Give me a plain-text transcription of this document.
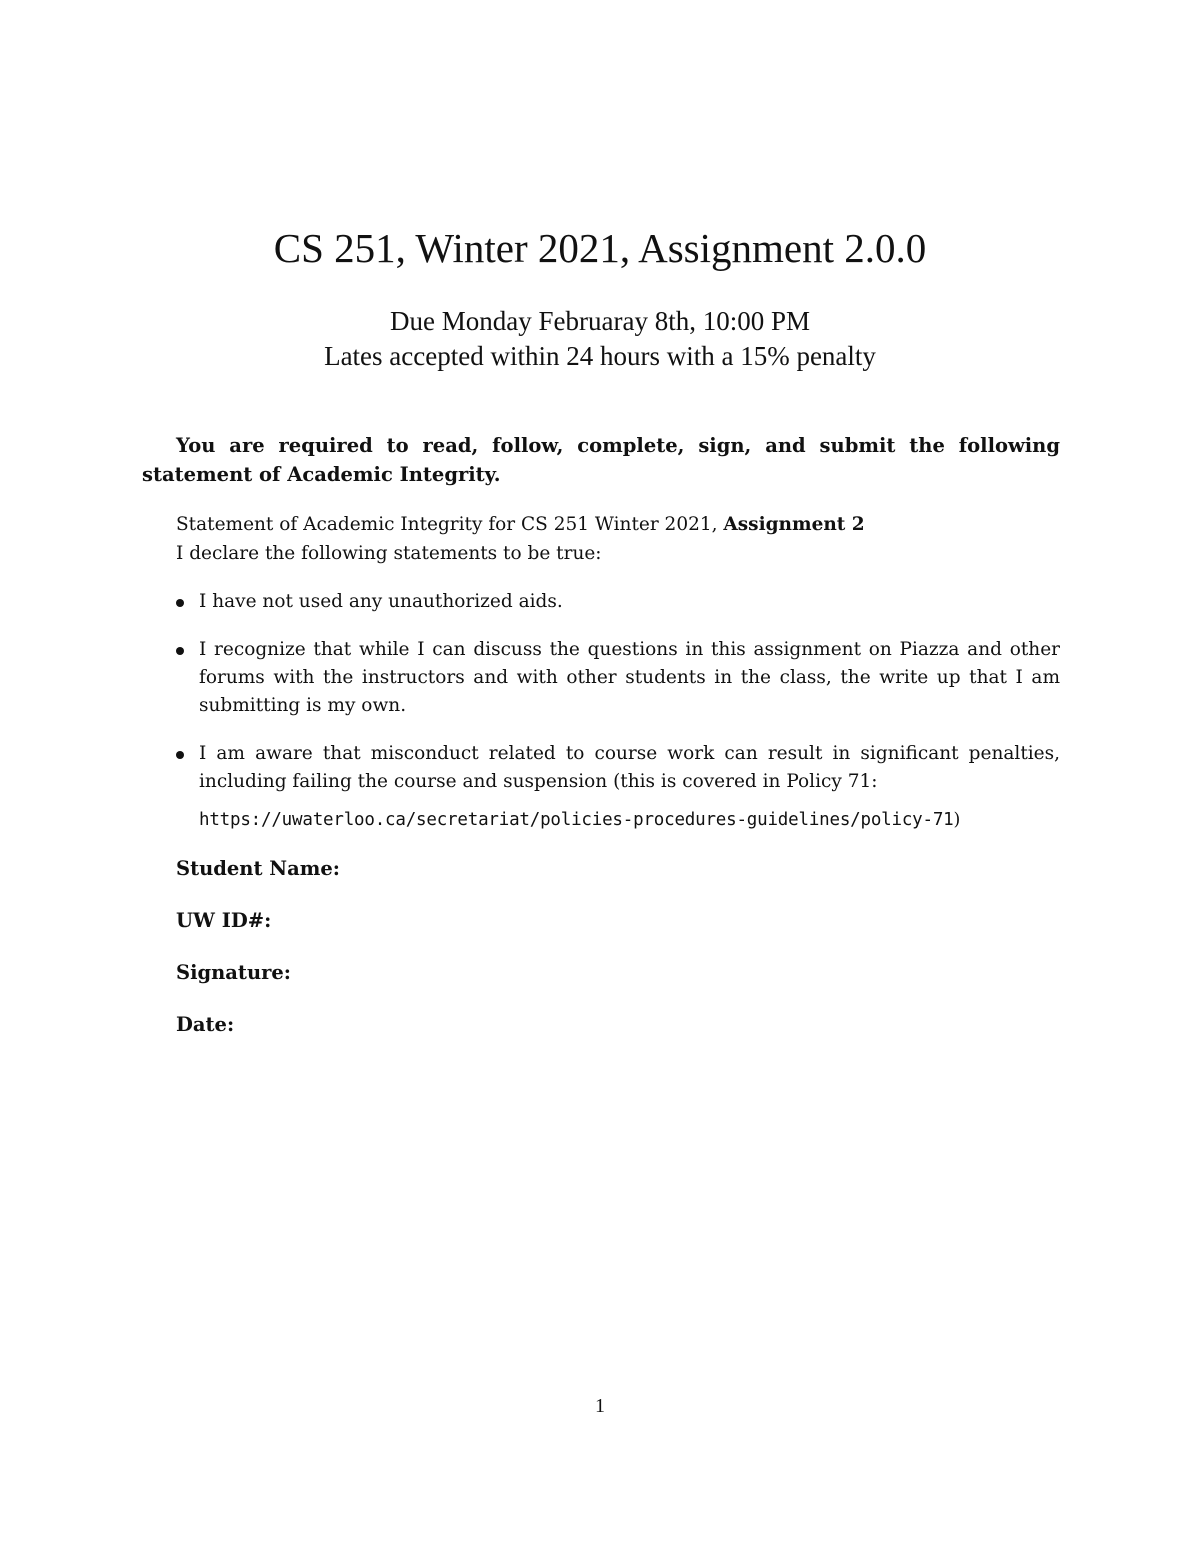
CS 251, Winter 2021, Assignment 2.0.0
Due Monday Februaray 8th, 10:00 PM
Lates accepted within 24 hours with a 15% penalty
You are required to read, follow, complete, sign, and submit the following statement of Academic Integrity.
Statement of Academic Integrity for CS 251 Winter 2021, Assignment 2
I declare the following statements to be true:
I have not used any unauthorized aids.
I recognize that while I can discuss the questions in this assignment on Piazza and other forums with the instructors and with other students in the class, the write up that I am submitting is my own.
I am aware that misconduct related to course work can result in significant penalties, including failing the course and suspension (this is covered in Policy 71:
https://uwaterloo.ca/secretariat/policies-procedures-guidelines/policy-71)
Student Name:
UW ID#:
Signature:
Date:
1
